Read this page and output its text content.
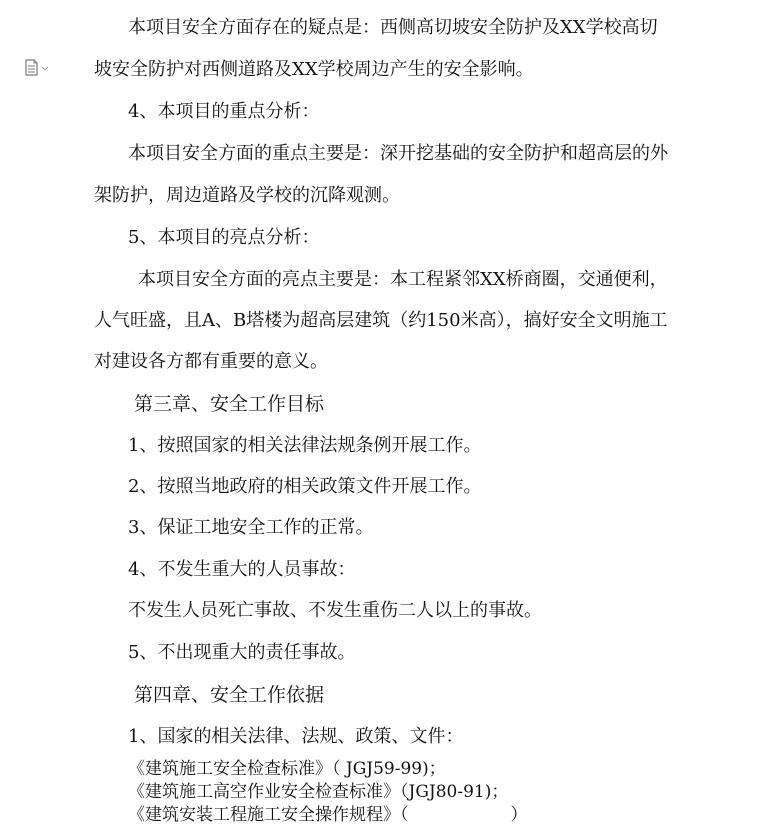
本项目安全方面存在的疑点是：西侧高切坡安全防护及XX学校高切
坡安全防护对西侧道路及XX学校周边产生的安全影响。
4、本项目的重点分析：
本项目安全方面的重点主要是：深开挖基础的安全防护和超高层的外
架防护，周边道路及学校的沉降观测。
5、本项目的亮点分析：
本项目安全方面的亮点主要是：本工程紧邻XX桥商圈，交通便利，
人气旺盛，且A、B塔楼为超高层建筑（约150米高），搞好安全文明施工
对建设各方都有重要的意义。
第三章、安全工作目标
1、按照国家的相关法律法规条例开展工作。
2、按照当地政府的相关政策文件开展工作。
3、保证工地安全工作的正常。
4、不发生重大的人员事故：
不发生人员死亡事故、不发生重伤二人以上的事故。
5、不出现重大的责任事故。
第四章、安全工作依据
1、国家的相关法律、法规、政策、文件：
《建筑施工安全检查标准》（ JGJ59-99)；
《建筑施工高空作业安全检查标准》（JGJ80-91)；
《建筑安装工程施工安全操作规程》（　　　　　　）
